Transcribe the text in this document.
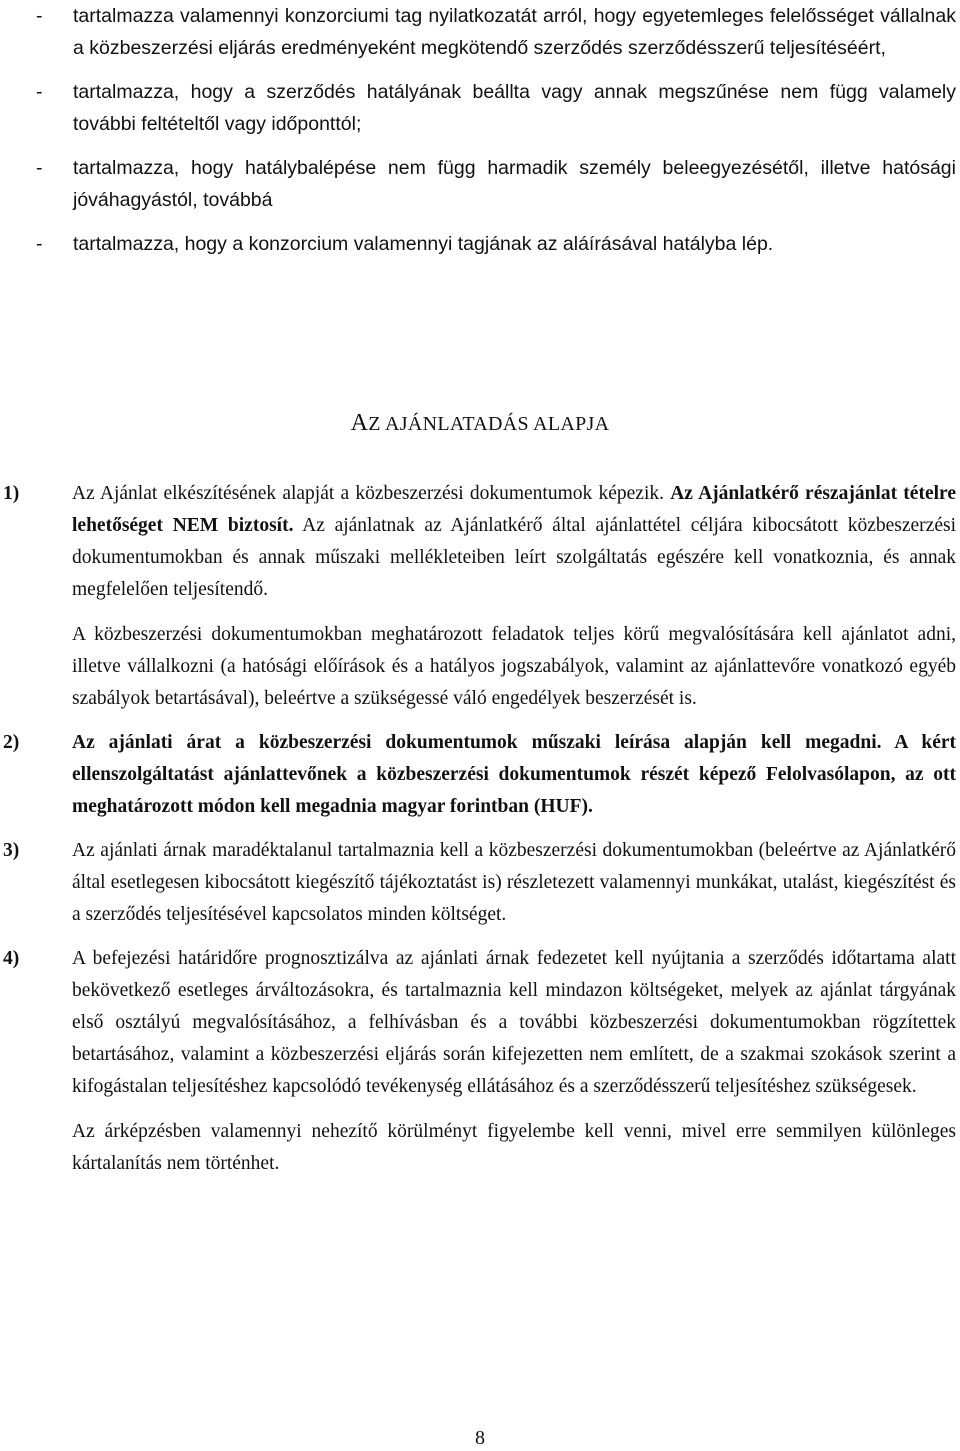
- tartalmazza valamennyi konzorciumi tag nyilatkozatát arról, hogy egyetemleges felelősséget vállalnak a közbeszerzési eljárás eredményeként megkötendő szerződés szerződésszerű teljesítéséért,
- tartalmazza, hogy a szerződés hatályának beállta vagy annak megszűnése nem függ valamely további feltételtől vagy időponttól;
- tartalmazza, hogy hatálybalépése nem függ harmadik személy beleegyezésétől, illetve hatósági jóváhagyástól, továbbá
- tartalmazza, hogy a konzorcium valamennyi tagjának az aláírásával hatályba lép.
AZ AJÁNLATADÁS ALAPJA
1)	Az Ajánlat elkészítésének alapját a közbeszerzési dokumentumok képezik. Az Ajánlatkérő részajánlat tételre lehetőséget NEM biztosít. Az ajánlatnak az Ajánlatkérő által ajánlattétel céljára kibocsátott közbeszerzési dokumentumokban és annak műszaki mellékleteiben leírt szolgáltatás egészére kell vonatkoznia, és annak megfelelően teljesítendő.

A közbeszerzési dokumentumokban meghatározott feladatok teljes körű megvalósítására kell ajánlatot adni, illetve vállalkozni (a hatósági előírások és a hatályos jogszabályok, valamint az ajánlattevőre vonatkozó egyéb szabályok betartásával), beleértve a szükségessé váló engedélyek beszerzését is.

2)	Az ajánlati árat a közbeszerzési dokumentumok műszaki leírása alapján kell megadni. A kért ellenszolgáltatást ajánlattevőnek a közbeszerzési dokumentumok részét képező Felolvasólapon, az ott meghatározott módon kell megadnia magyar forintban (HUF).

3)	Az ajánlati árnak maradéktalanul tartalmaznia kell a közbeszerzési dokumentumokban (beleértve az Ajánlatkérő által esetlegesen kibocsátott kiegészítő tájékoztatást is) részletezett valamennyi munkákat, utalást, kiegészítést és a szerződés teljesítésével kapcsolatos minden költséget.

4)	A befejezési határidőre prognosztizálva az ajánlati árnak fedezetet kell nyújtania a szerződés időtartama alatt bekövetkező esetleges árváltozásokra, és tartalmaznia kell mindazon költségeket, melyek az ajánlat tárgyának első osztályú megvalósításához, a felhívásban és a további közbeszerzési dokumentumokban rögzítettek betartásához, valamint a közbeszerzési eljárás során kifejezetten nem említett, de a szakmai szokások szerint a kifogástalan teljesítéshez kapcsolódó tevékenység ellátásához és a szerződésszerű teljesítéshez szükségesek.

Az árképzésben valamennyi nehezítő körülményt figyelembe kell venni, mivel erre semmilyen különleges kártalanítás nem történhet.

8
